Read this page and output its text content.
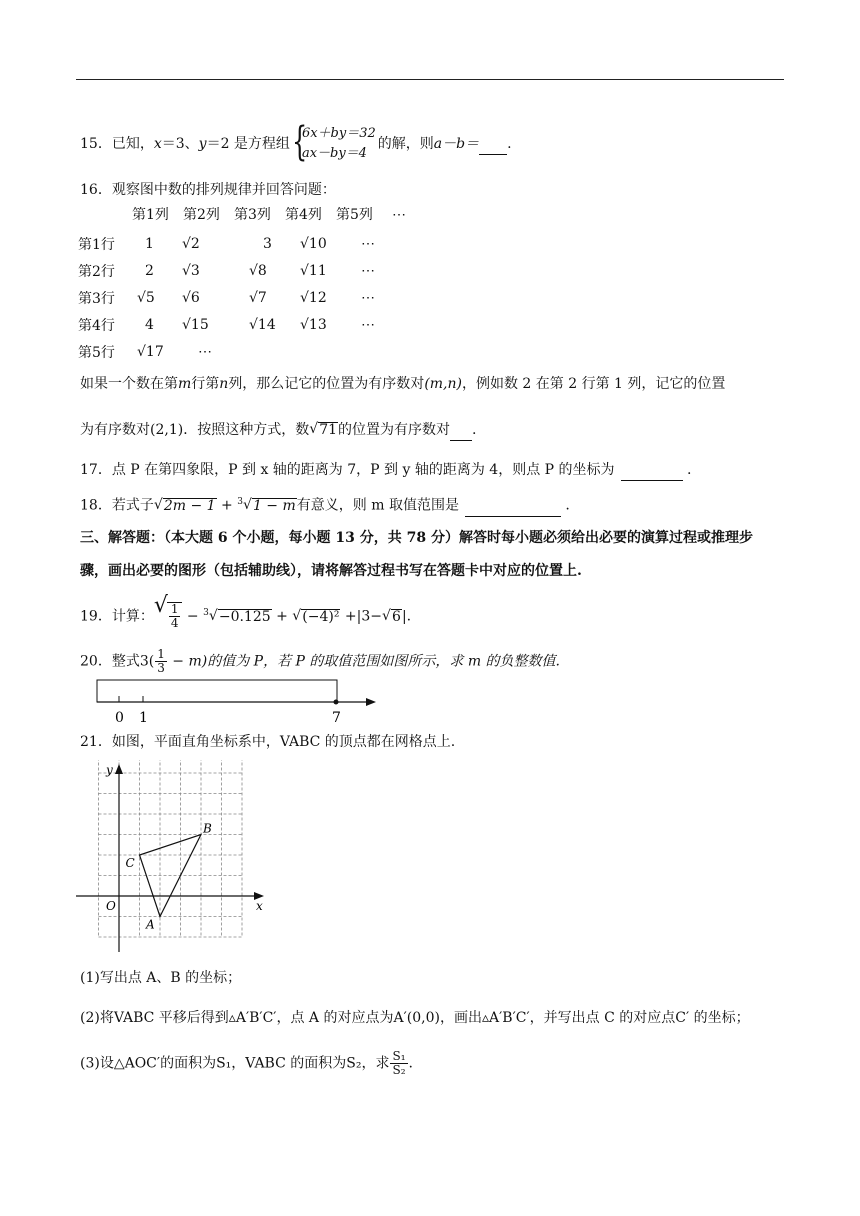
15．已知，x＝3、y＝2 是方程组 {
6x＋by＝32
ax－by＝4
的解，则a－b＝ .
16．观察图中数的排列规律并回答问题：
第1列 第2列 第3列 第4列 第5列 ⋯
第1行	1	√2	3	√10	⋯
第2行	2	√3	√8	√11	⋯
第3行	√5	√6	√7	√12	⋯
第4行	4	√15	√14	√13	⋯
第5行	√17	⋯			
如果一个数在第m行第n列，那么记它的位置为有序数对(m,n)，例如数 2 在第 2 行第 1 列，记它的位置
为有序数对(2,1)．按照这种方式，数 √ 71的位置为有序数对 .
17．点 P 在第四象限，P 到 x 轴的距离为 7，P 到 y 轴的距离为 4，则点 P 的坐标为	.
18．若式子 √ 2m − 1 + $^3$ √ 1 − m有意义，则 m 取值范围是	.
三、解答题：（本大题 6 个小题，每小题 13 分，共 78 分）解答时每小题必须给出必要的演算过程或推理步
骤，画出必要的图形（包括辅助线），请将解答过程书写在答题卡中对应的位置上.
19．计算： √ $\frac{1}{4} - ^3$ √ −0.125 + √ (−4)² +|3− √ 6|.
20．整式$3( \frac{1}{3} - m)$的值为 P，若 P 的取值范围如图所示，求 m 的负整数值.
0 1	7
21．如图，平面直角坐标系中，VABC 的顶点都在网格点上.
x
y
O
A
B
C
(1)写出点 A、B 的坐标；
(2)将VABC 平移后得到▵A′B′C′，点 A 的对应点为A′(0,0)，画出▵A′B′C′，并写出点 C 的对应点C′ 的坐标；
(3)设△AOC′的面积为S₁，VABC 的面积为S₂，求 $\frac{\text{S₁}}{\text{S₂}}$ .
